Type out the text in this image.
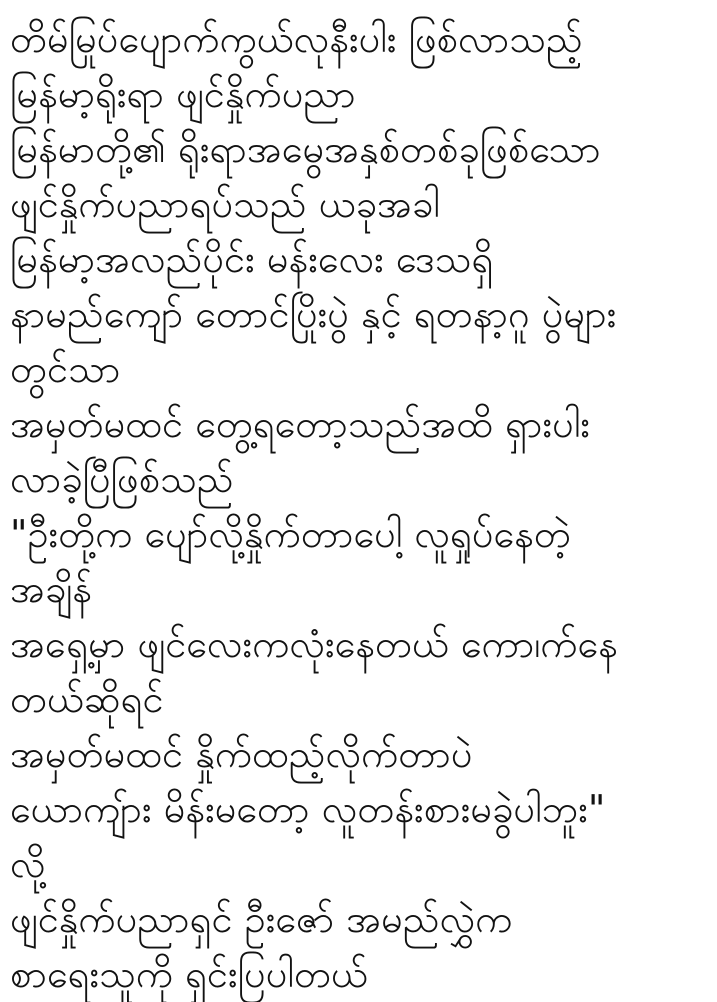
တိမ်မြုပ်ပျောက်ကွယ်လုနီးပါး ဖြစ်လာသည့်
မြန်မာ့ရိုးရာ ဖျင်နှိုက်ပညာ
မြန်မာတို့၏ ရိုးရာအမွေအနှစ်တစ်ခုဖြစ်သော
ဖျင်နှိုက်ပညာရပ်သည် ယခုအခါ
မြန်မာ့အလည်ပိုင်း မန်းလေး ဒေသရှိ
နာမည်ကျော် တောင်ပြိုးပွဲ နှင့် ရတနာ့ဂူ ပွဲများ
တွင်သာ
အမှတ်မထင် တွေ့ရတော့သည်အထိ ရှားပါး
လာခဲ့ပြီဖြစ်သည်
"ဦးတို့က ပျော်လို့နှိုက်တာပေါ့ လူရှုပ်နေတဲ့
အချိန်
အရှေ့မှာ ဖျင်လေးကလုံးနေတယ် ကော၊က်နေ
တယ်ဆိုရင်
အမှတ်မထင် နှိုက်ထည့်လိုက်တာပဲ
ယောကျ်ား မိန်းမတော့ လူတန်းစားမခွဲပါဘူး"
လို့
ဖျင်နှိုက်ပညာရှင် ဦးဇော် အမည်လွှဲက
စာရေးသူကို ရှင်းပြပါတယ်
